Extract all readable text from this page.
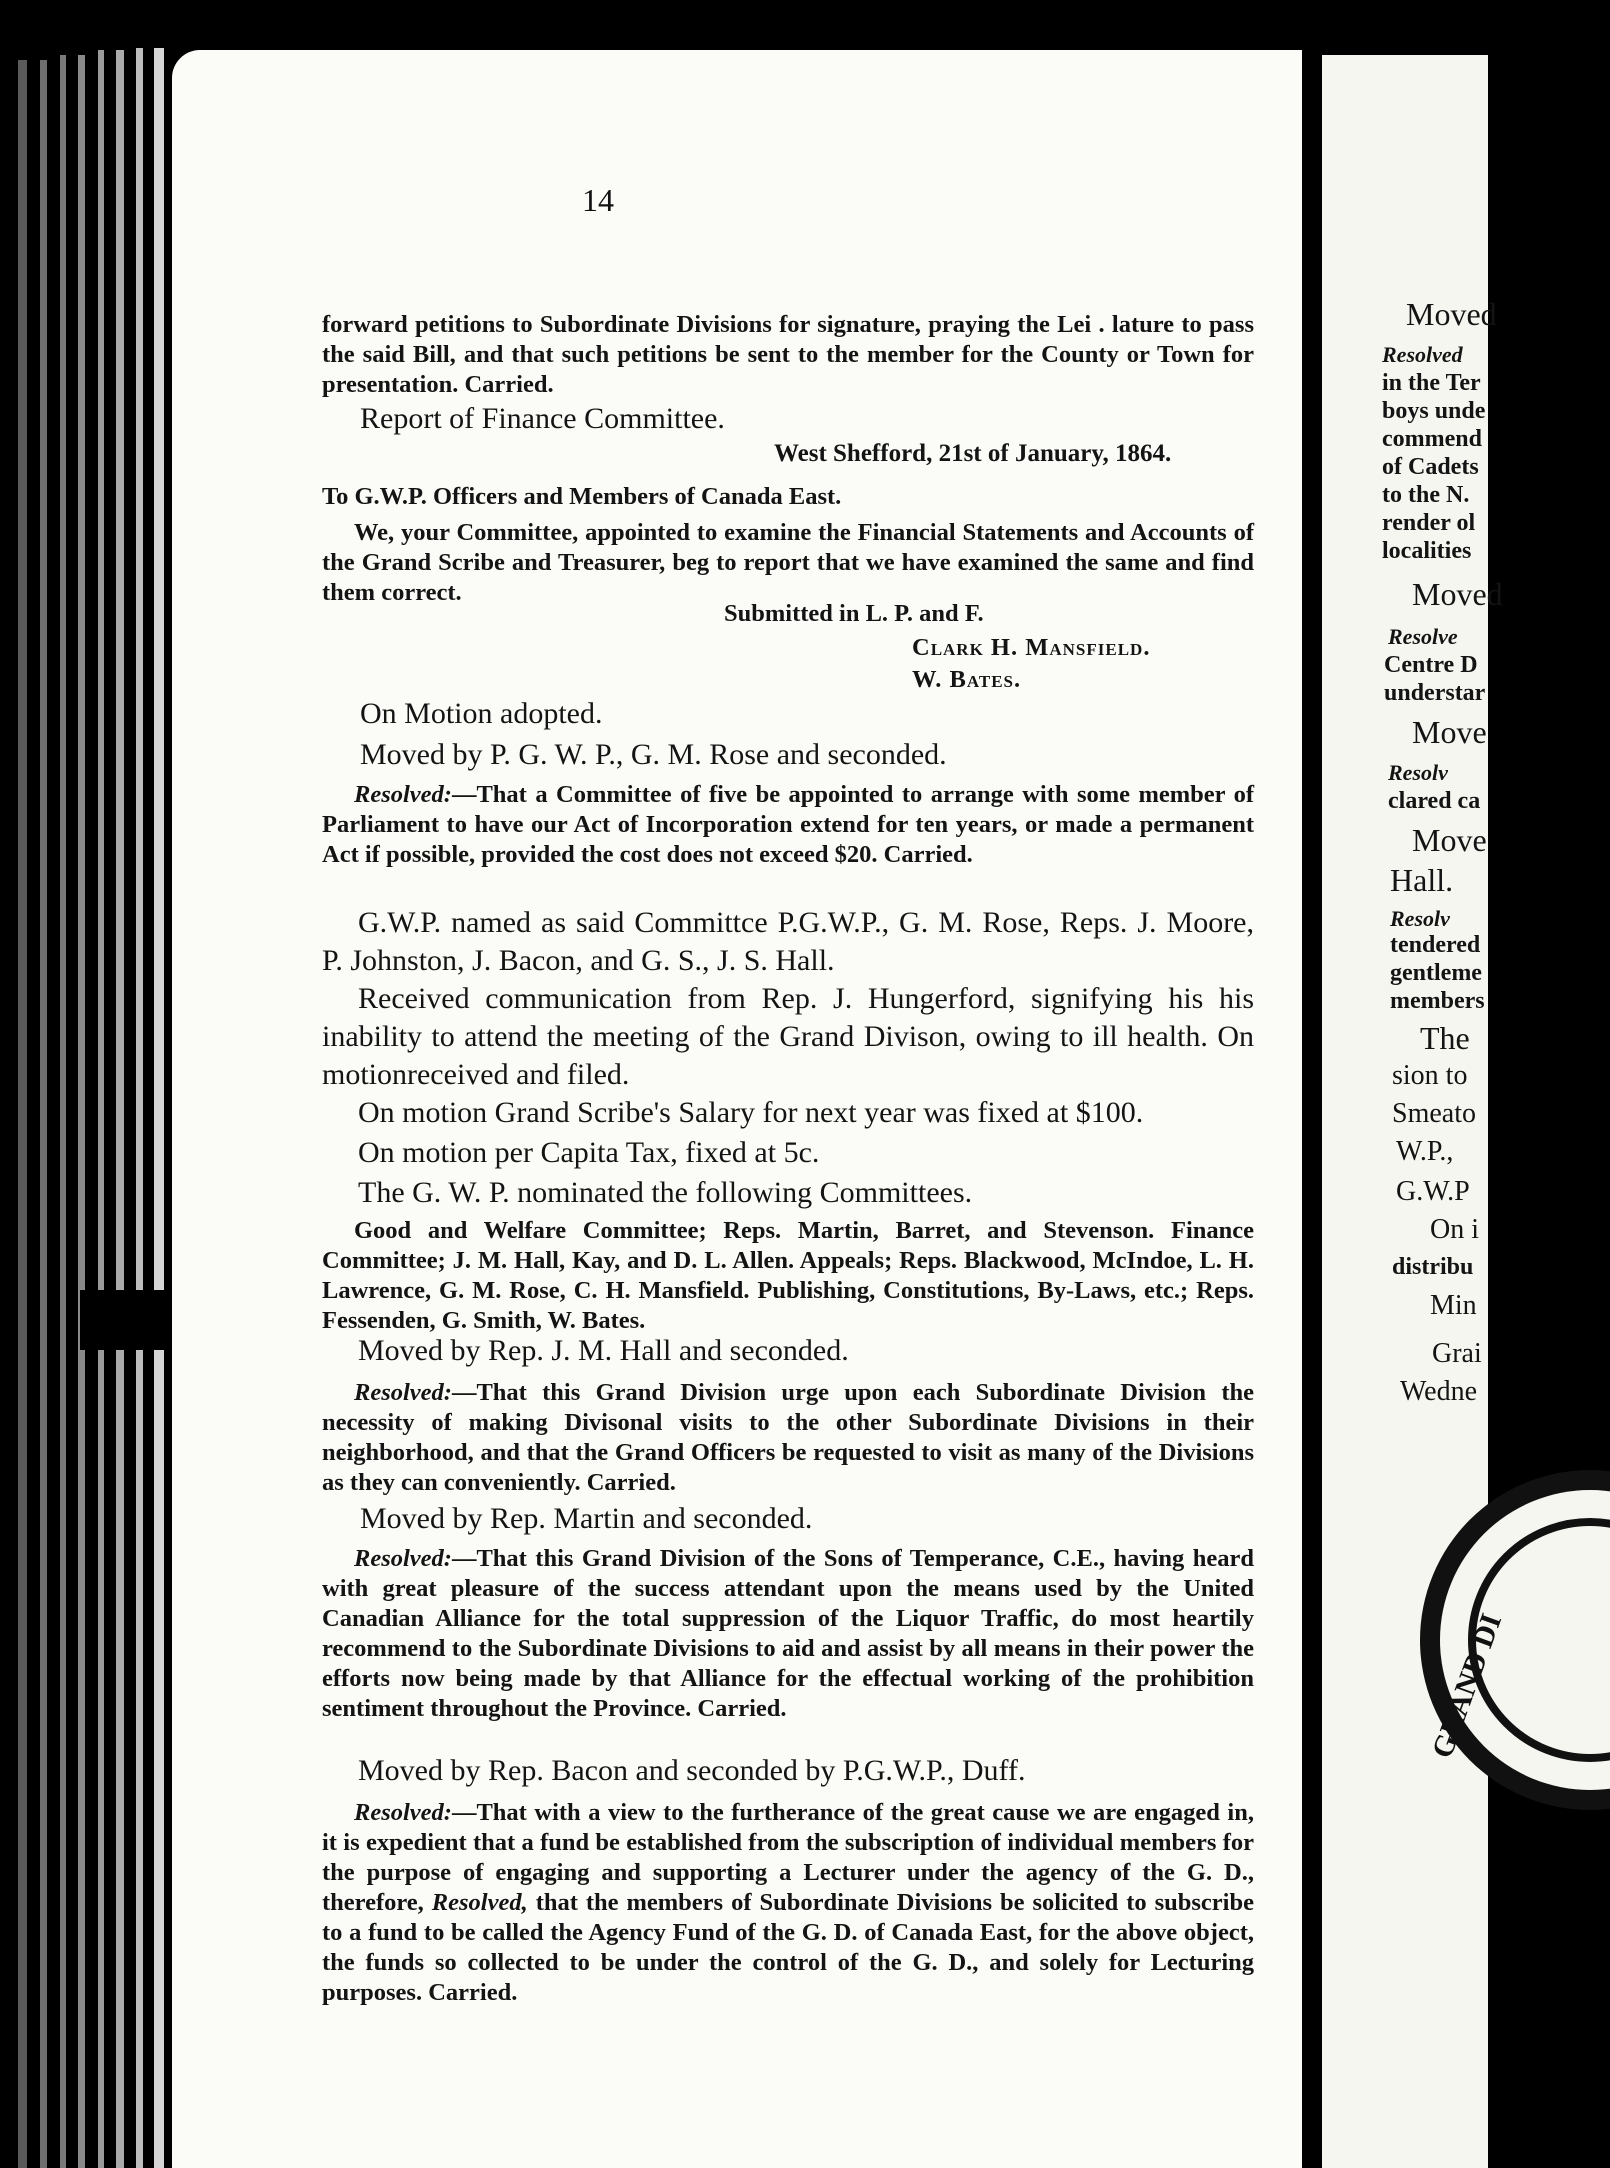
14

forward petitions to Subordinate Divisions for signature, praying the Lei . lature to pass the said Bill, and that such petitions be sent to the member for the County or Town for presentation. Carried.

Report of Finance Committee.

West Shefford, 21st of January, 1864.

To G.W.P. Officers and Members of Canada East.

We, your Committee, appointed to examine the Financial Statements and Accounts of the Grand Scribe and Treasurer, beg to report that we have examined the same and find them correct.

Submitted in L. P. and F.

Clark H. Mansfield.

W. Bates.

On Motion adopted.

Moved by P. G. W. P., G. M. Rose and seconded.

Resolved:—That a Committee of five be appointed to arrange with some member of Parliament to have our Act of Incorporation extend for ten years, or made a permanent Act if possible, provided the cost does not exceed $20. Carried.

G.W.P. named as said Committce P.G.W.P., G. M. Rose, Reps. J. Moore, P. Johnston, J. Bacon, and G. S., J. S. Hall.

Received communication from Rep. J. Hungerford, signifying his his inability to attend the meeting of the Grand Divison, owing to ill health. On motionreceived and filed.

On motion Grand Scribe's Salary for next year was fixed at $100.

On motion per Capita Tax, fixed at 5c.

The G. W. P. nominated the following Committees.

Good and Welfare Committee; Reps. Martin, Barret, and Stevenson. Finance Committee; J. M. Hall, Kay, and D. L. Allen. Appeals; Reps. Blackwood, McIndoe, L. H. Lawrence, G. M. Rose, C. H. Mansfield. Publishing, Constitutions, By-Laws, etc.; Reps. Fessenden, G. Smith, W. Bates.

Moved by Rep. J. M. Hall and seconded.

Resolved:—That this Grand Division urge upon each Subordinate Division the necessity of making Divisonal visits to the other Subordinate Divisions in their neighborhood, and that the Grand Officers be requested to visit as many of the Divisions as they can conveniently. Carried.

Moved by Rep. Martin and seconded.

Resolved:—That this Grand Division of the Sons of Temperance, C.E., having heard with great pleasure of the success attendant upon the means used by the United Canadian Alliance for the total suppression of the Liquor Traffic, do most heartily recommend to the Subordinate Divisions to aid and assist by all means in their power the efforts now being made by that Alliance for the effectual working of the prohibition sentiment throughout the Province. Carried.

Moved by Rep. Bacon and seconded by P.G.W.P., Duff.

Resolved:—That with a view to the furtherance of the great cause we are engaged in, it is expedient that a fund be established from the subscription of individual members for the purpose of engaging and supporting a Lecturer under the agency of the G. D., therefore, Resolved, that the members of Subordinate Divisions be solicited to subscribe to a fund to be called the Agency Fund of the G. D. of Canada East, for the above object, the funds so collected to be under the control of the G. D., and solely for Lecturing purposes. Carried.

Moved

Resolved

in the Ter

boys unde

commend

of Cadets

to the N.

render ol

localities

Moved

Resolve

Centre D

understar

Move

Resolv

clared ca

Move

Hall.

Resolv

tendered

gentleme

members

The

sion to

Smeato

W.P.,

G.W.P

On i

distribu

Min

Grai

Wedne

GRAND DI
